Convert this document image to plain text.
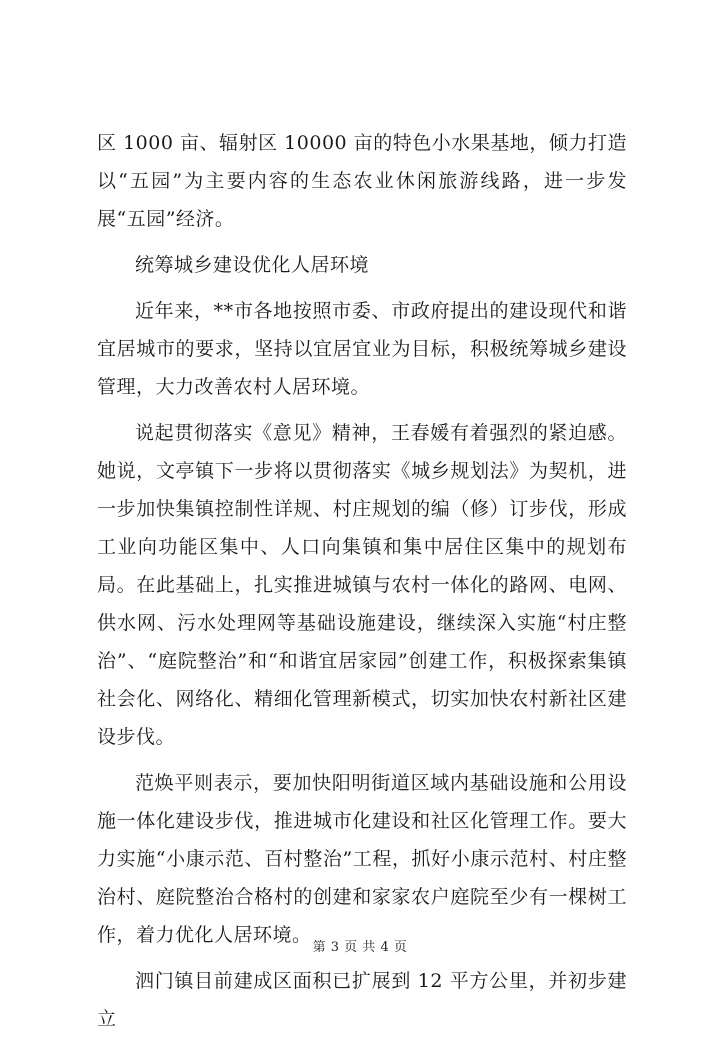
区 1000 亩、辐射区 10000 亩的特色小水果基地，倾力打造以“五园”为主要内容的生态农业休闲旅游线路，进一步发展“五园”经济。

统筹城乡建设优化人居环境

近年来，**市各地按照市委、市政府提出的建设现代和谐宜居城市的要求，坚持以宜居宜业为目标，积极统筹城乡建设管理，大力改善农村人居环境。

说起贯彻落实《意见》精神，王春媛有着强烈的紧迫感。她说，文亭镇下一步将以贯彻落实《城乡规划法》为契机，进一步加快集镇控制性详规、村庄规划的编（修）订步伐，形成工业向功能区集中、人口向集镇和集中居住区集中的规划布局。在此基础上，扎实推进城镇与农村一体化的路网、电网、供水网、污水处理网等基础设施建设，继续深入实施“村庄整治”、“庭院整治”和“和谐宜居家园”创建工作，积极探索集镇社会化、网络化、精细化管理新模式，切实加快农村新社区建设步伐。

范焕平则表示，要加快阳明街道区域内基础设施和公用设施一体化建设步伐，推进城市化建设和社区化管理工作。要大力实施“小康示范、百村整治”工程，抓好小康示范村、村庄整治村、庭院整治合格村的创建和家家农户庭院至少有一棵树工作，着力优化人居环境。

泗门镇目前建成区面积已扩展到 12 平方公里，并初步建立

第 3 页 共 4 页
